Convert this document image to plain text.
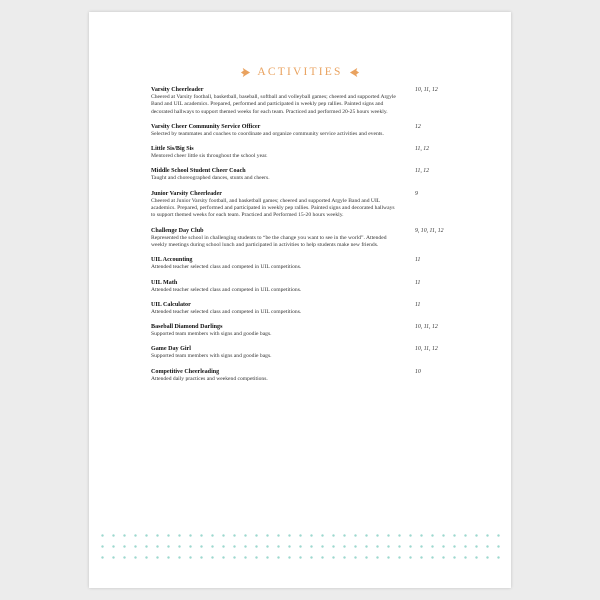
ACTIVITIES
Varsity Cheerleader
Cheered at Varsity football, basketball, baseball, softball and volleyball games; cheered and supported Argyle Band and UIL academics. Prepared, performed and participated in weekly pep rallies. Painted signs and decorated hallways to support themed weeks for each team. Practiced and performed 20-25 hours weekly.
10, 11, 12
Varsity Cheer Community Service Officer
Selected by teammates and coaches to coordinate and organize community service activities and events.
12
Little Sis/Big Sis
Mentored cheer little sis throughout the school year.
11, 12
Middle School Student Cheer Coach
Taught and choreographed dances, stunts and cheers.
11, 12
Junior Varsity Cheerleader
Cheered at Junior Varsity football, and basketball games; cheered and supported Argyle Band and UIL academics. Prepared, performed and participated in weekly pep rallies. Painted signs and decorated hallways to support themed weeks for each team. Practiced and Performed 15-20 hours weekly.
9
Challenge Day Club
Represented the school in challenging students to “be the change you want to see in the world”. Attended weekly meetings during school lunch and participated in activities to help students make new friends.
9, 10, 11, 12
UIL Accounting
Attended teacher selected class and competed in UIL competitions.
11
UIL Math
Attended teacher selected class and competed in UIL competitions.
11
UIL Calculator
Attended teacher selected class and competed in UIL competitions.
11
Baseball Diamond Darlings
Supported team members with signs and goodie bags.
10, 11, 12
Game Day Girl
Supported team members with signs and goodie bags.
10, 11, 12
Competitive Cheerleading
Attended daily practices and weekend competitions.
10
